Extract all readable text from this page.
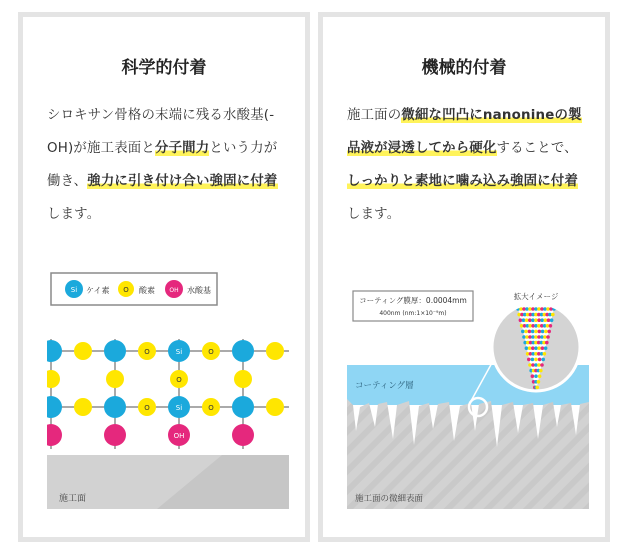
科学的付着
シロキサン骨格の末端に残る水酸基(-OH)が施工表面と分子間力という力が働き、強力に引き付け合い強固に付着します。
Si ケイ素 O 酸素 OH 水酸基
O	Si	O
O
O	Si	O
OH
施工面
機械的付着
施工面の微細な凹凸にnanonineの製品液が浸透してから硬化することで、しっかりと素地に噛み込み強固に付着します。
コーティング層
施工面の微細表面
コーティング膜厚：0.0004mm
400nm (nm:1×10⁻⁹m)
拡大イメージ
